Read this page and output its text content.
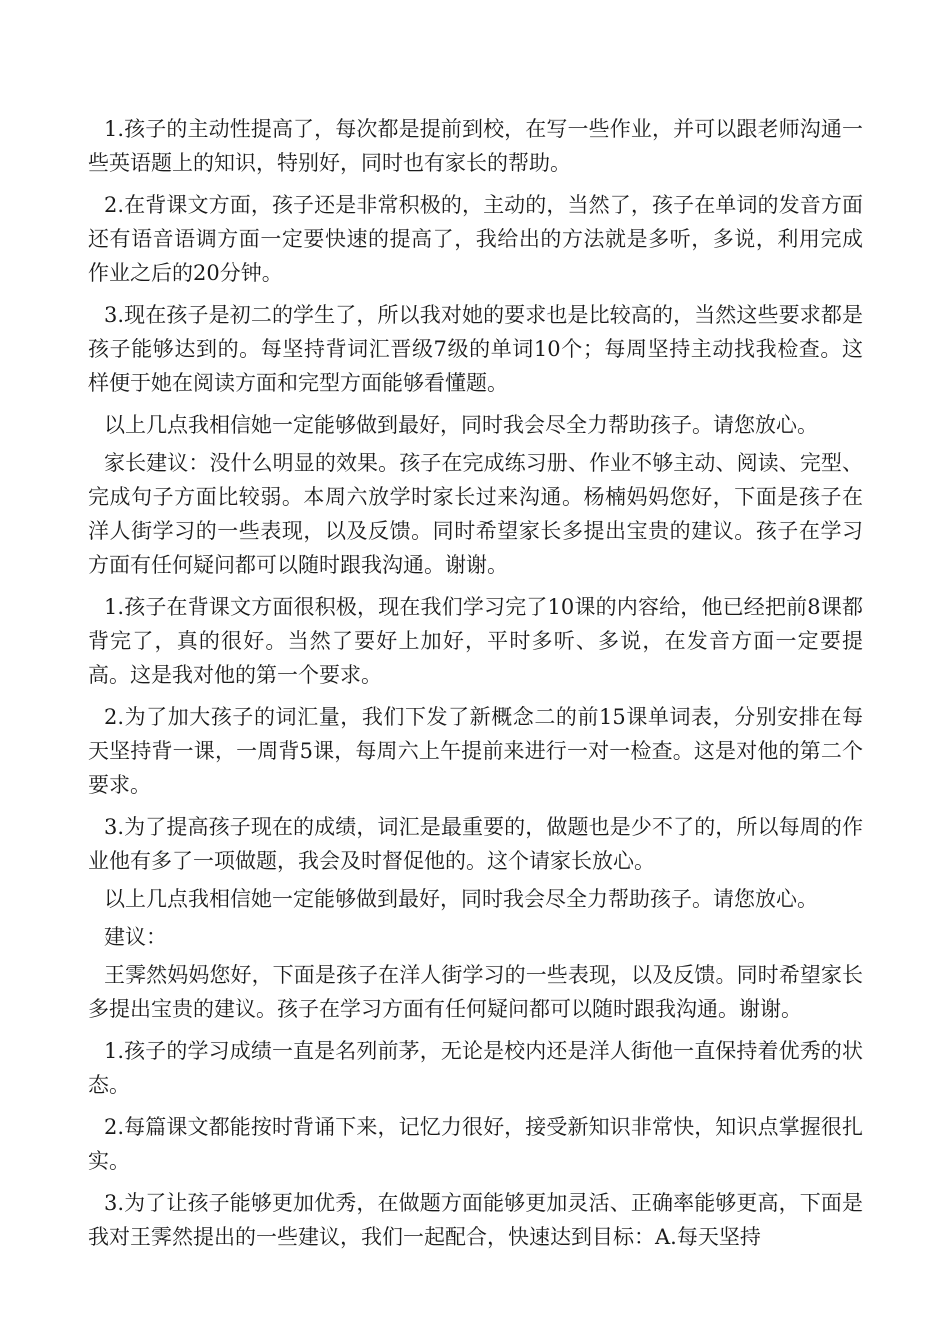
1.孩子的主动性提高了，每次都是提前到校，在写一些作业，并可以跟老师沟通一些英语题上的知识，特别好，同时也有家长的帮助。

2.在背课文方面，孩子还是非常积极的，主动的，当然了，孩子在单词的发音方面还有语音语调方面一定要快速的提高了，我给出的方法就是多听，多说，利用完成作业之后的20分钟。

3.现在孩子是初二的学生了，所以我对她的要求也是比较高的，当然这些要求都是孩子能够达到的。每坚持背词汇晋级7级的单词10个；每周坚持主动找我检查。这样便于她在阅读方面和完型方面能够看懂题。

以上几点我相信她一定能够做到最好，同时我会尽全力帮助孩子。请您放心。

家长建议：没什么明显的效果。孩子在完成练习册、作业不够主动、阅读、完型、完成句子方面比较弱。本周六放学时家长过来沟通。杨楠妈妈您好，下面是孩子在洋人街学习的一些表现，以及反馈。同时希望家长多提出宝贵的建议。孩子在学习方面有任何疑问都可以随时跟我沟通。谢谢。

1.孩子在背课文方面很积极，现在我们学习完了10课的内容给，他已经把前8课都背完了，真的很好。当然了要好上加好，平时多听、多说，在发音方面一定要提高。这是我对他的第一个要求。

2.为了加大孩子的词汇量，我们下发了新概念二的前15课单词表，分别安排在每天坚持背一课，一周背5课，每周六上午提前来进行一对一检查。这是对他的第二个要求。

3.为了提高孩子现在的成绩，词汇是最重要的，做题也是少不了的，所以每周的作业他有多了一项做题，我会及时督促他的。这个请家长放心。

以上几点我相信她一定能够做到最好，同时我会尽全力帮助孩子。请您放心。

建议：

王霁然妈妈您好，下面是孩子在洋人街学习的一些表现，以及反馈。同时希望家长多提出宝贵的建议。孩子在学习方面有任何疑问都可以随时跟我沟通。谢谢。

1.孩子的学习成绩一直是名列前茅，无论是校内还是洋人街他一直保持着优秀的状态。

2.每篇课文都能按时背诵下来，记忆力很好，接受新知识非常快，知识点掌握很扎实。

3.为了让孩子能够更加优秀，在做题方面能够更加灵活、正确率能够更高，下面是我对王霁然提出的一些建议，我们一起配合，快速达到目标：A.每天坚持
